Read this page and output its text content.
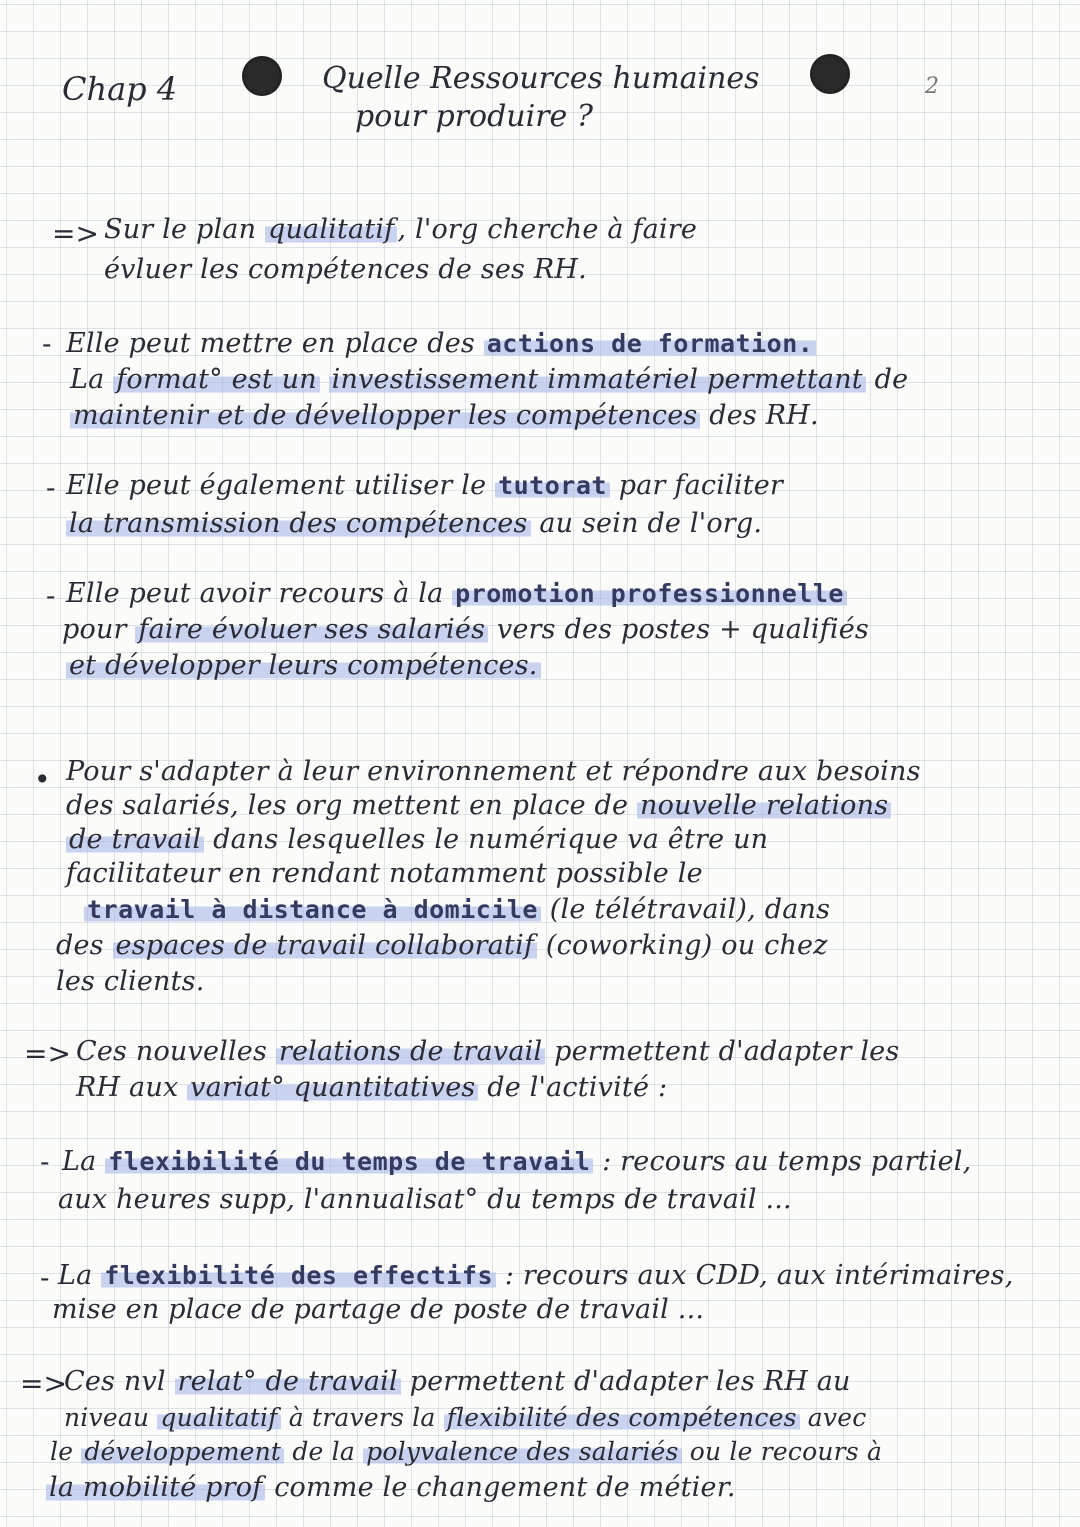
Chap 4	Quelle Ressources humaines
pour produire ?
2
=> Sur le plan qualitatif , l'org cherche à faire
évluer les compétences de ses RH.
- Elle peut mettre en place des actions de formation.
La format° est un investissement immatériel permettant de
maintenir et de dévellopper les compétences des RH.
- Elle peut également utiliser le tutorat par faciliter
la transmission des compétences au sein de l'org.
- Elle peut avoir recours à la promotion professionnelle
pour faire évoluer ses salariés vers des postes + qualifiés
et développer leurs compétences.
• Pour s'adapter à leur environnement et répondre aux besoins
des salariés, les org mettent en place de nouvelle relations
de travail dans lesquelles le numérique va être un
facilitateur en rendant notamment possible le
travail à distance à domicile (le télétravail), dans
des espaces de travail collaboratif (coworking) ou chez
les clients.
=> Ces nouvelles relations de travail permettent d'adapter les
RH aux variat° quantitatives de l'activité :
- La flexibilité du temps de travail : recours au temps partiel,
aux heures supp, l'annualisat° du temps de travail ...
- La flexibilité des effectifs : recours aux CDD, aux intérimaires,
mise en place de partage de poste de travail ...
=>
Ces nvl relat° de travail permettent d'adapter les RH au
niveau qualitatif à travers la flexibilité des compétences avec
le développement de la polyvalence des salariés ou le recours à
la mobilité prof comme le changement de métier.
